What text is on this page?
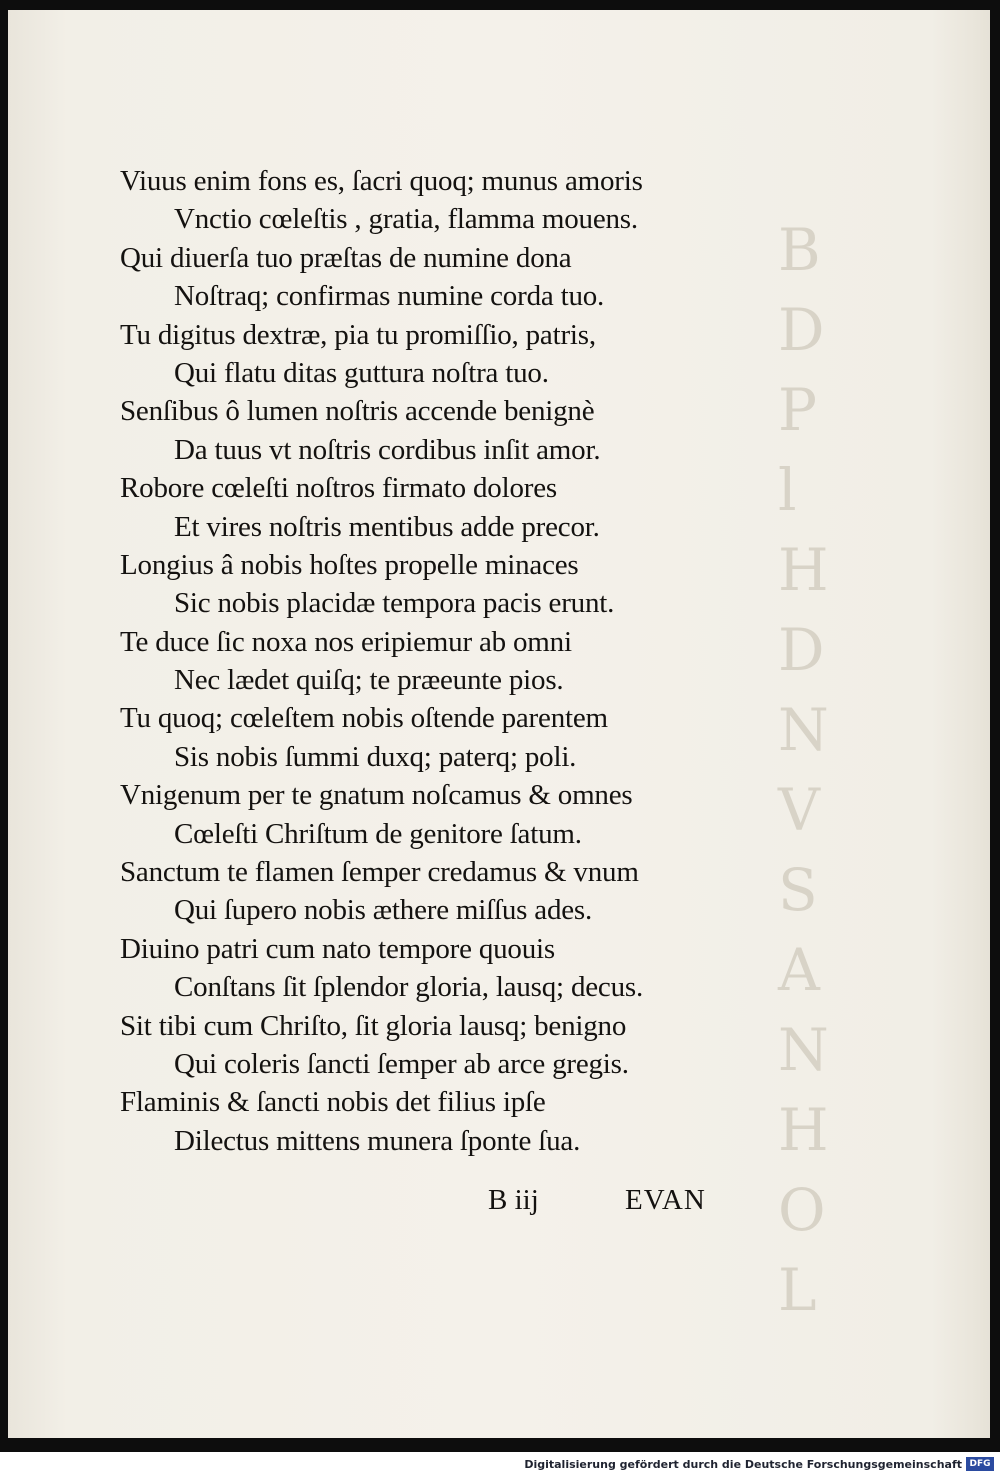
B
D
P
l
H
D
N
V
S
A
N
H
O
L
Viuus enim fons es, ſacri quoq; munus amoris
Vnctio cœleſtis , gratia, flamma mouens.
Qui diuerſa tuo præſtas de numine dona
Noſtraq; confirmas numine corda tuo.
Tu digitus dextræ, pia tu promiſſio, patris,
Qui flatu ditas guttura noſtra tuo.
Senſibus ô lumen noſtris accende benignè
Da tuus vt noſtris cordibus inſit amor.
Robore cœleſti noſtros firmato dolores
Et vires noſtris mentibus adde precor.
Longius â nobis hoſtes propelle minaces
Sic nobis placidæ tempora pacis erunt.
Te duce ſic noxa nos eripiemur ab omni
Nec lædet quiſq; te præeunte pios.
Tu quoq; cœleſtem nobis oſtende parentem
Sis nobis ſummi duxq; paterq; poli.
Vnigenum per te gnatum noſcamus & omnes
Cœleſti Chriſtum de genitore ſatum.
Sanctum te flamen ſemper credamus & vnum
Qui ſupero nobis æthere miſſus ades.
Diuino patri cum nato tempore quouis
Conſtans ſit ſplendor gloria, lausq; decus.
Sit tibi cum Chriſto, ſit gloria lausq; benigno
Qui coleris ſancti ſemper ab arce gregis.
Flaminis & ſancti nobis det filius ipſe
Dilectus mittens munera ſponte ſua.
B iij	EVAN
Digitalisierung gefördert durch die Deutsche Forschungsgemeinschaft DFG
